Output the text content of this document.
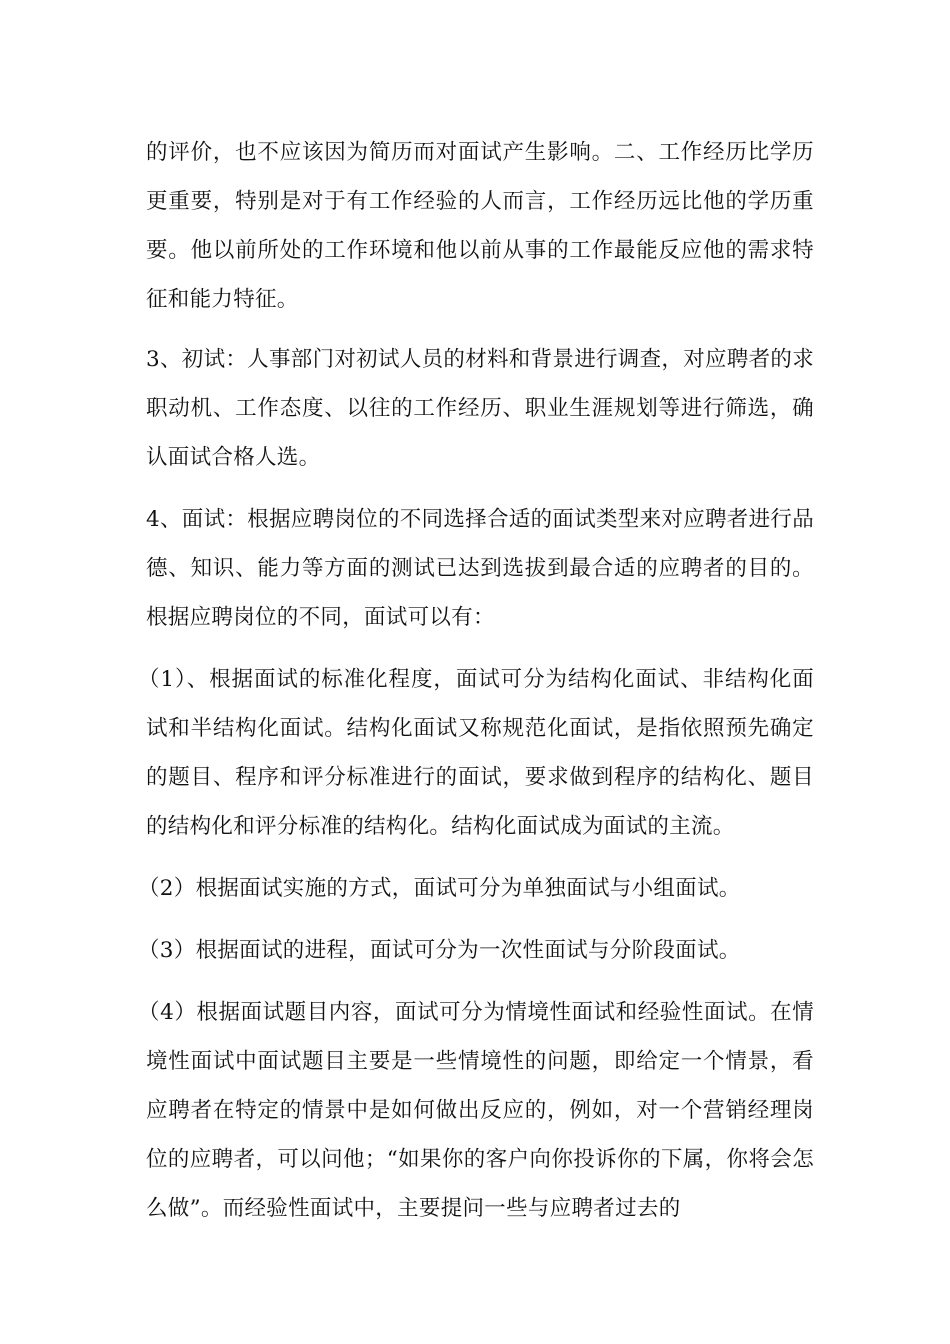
的评价，也不应该因为简历而对面试产生影响。二、工作经历比学历更重要，特别是对于有工作经验的人而言，工作经历远比他的学历重要。他以前所处的工作环境和他以前从事的工作最能反应他的需求特征和能力特征。

3、初试：人事部门对初试人员的材料和背景进行调查，对应聘者的求职动机、工作态度、以往的工作经历、职业生涯规划等进行筛选，确认面试合格人选。

4、面试：根据应聘岗位的不同选择合适的面试类型来对应聘者进行品德、知识、能力等方面的测试已达到选拔到最合适的应聘者的目的。根据应聘岗位的不同，面试可以有：

（1）、根据面试的标准化程度，面试可分为结构化面试、非结构化面试和半结构化面试。结构化面试又称规范化面试，是指依照预先确定的题目、程序和评分标准进行的面试，要求做到程序的结构化、题目的结构化和评分标准的结构化。结构化面试成为面试的主流。

（2）根据面试实施的方式，面试可分为单独面试与小组面试。

（3）根据面试的进程，面试可分为一次性面试与分阶段面试。

（4）根据面试题目内容，面试可分为情境性面试和经验性面试。在情境性面试中面试题目主要是一些情境性的问题，即给定一个情景，看应聘者在特定的情景中是如何做出反应的，例如，对一个营销经理岗位的应聘者，可以问他；“如果你的客户向你投诉你的下属，你将会怎么做”。而经验性面试中，主要提问一些与应聘者过去的
